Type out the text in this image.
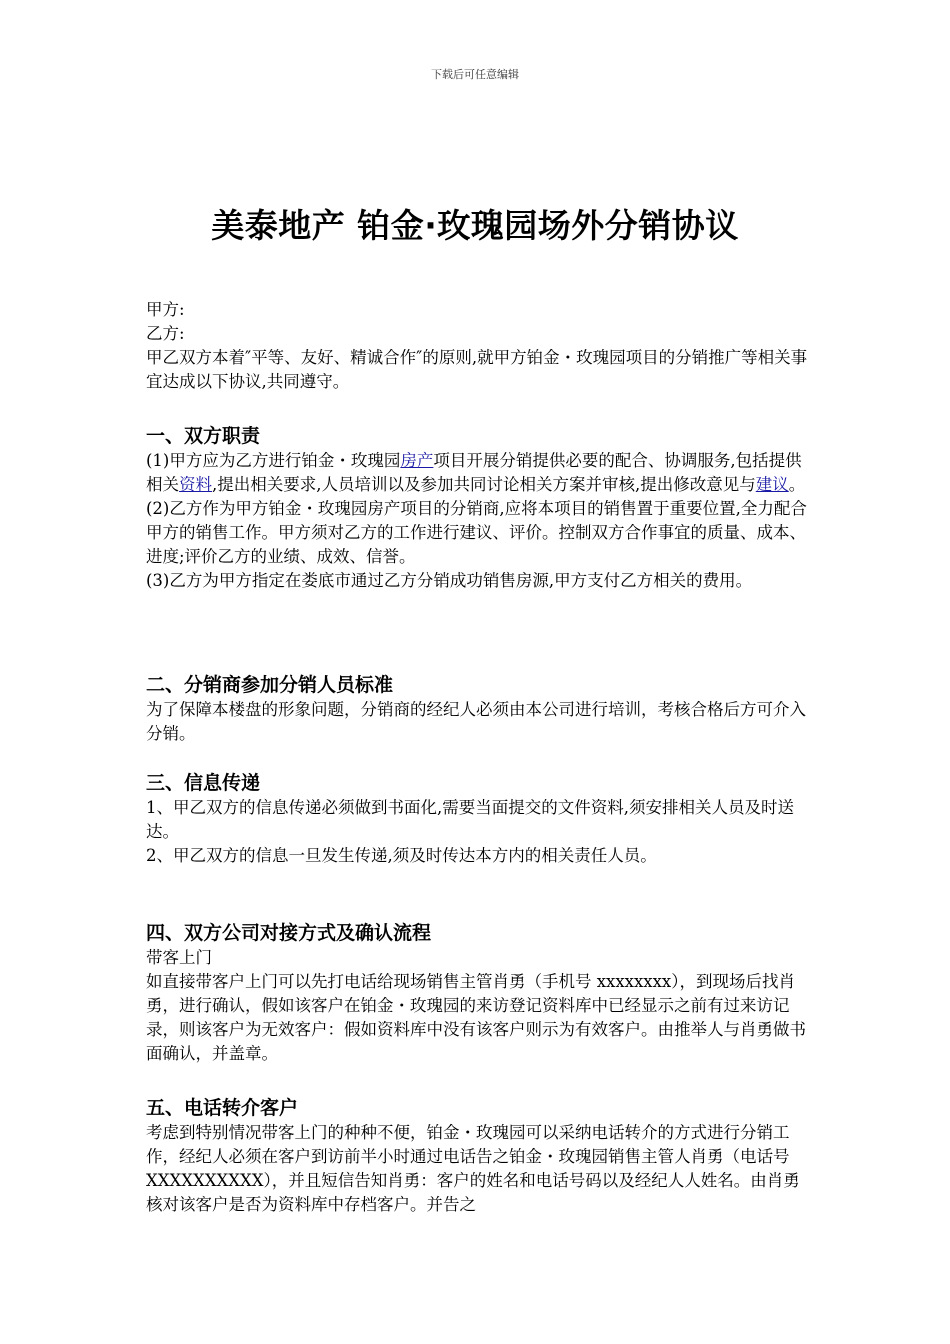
下载后可任意编辑
美泰地产 铂金·玫瑰园场外分销协议

甲方:

乙方:

甲乙双方本着″平等、友好、精诚合作″的原则,就甲方铂金・玫瑰园项目的分销推广等相关事宜达成以下协议,共同遵守。

一、双方职责

(1)甲方应为乙方进行铂金・玫瑰园房产项目开展分销提供必要的配合、协调服务,包括提供相关资料,提出相关要求,人员培训以及参加共同讨论相关方案并审核,提出修改意见与建议。

(2)乙方作为甲方铂金・玫瑰园房产项目的分销商,应将本项目的销售置于重要位置,全力配合甲方的销售工作。甲方须对乙方的工作进行建议、评价。控制双方合作事宜的质量、成本、进度;评价乙方的业绩、成效、信誉。

(3)乙方为甲方指定在娄底市通过乙方分销成功销售房源,甲方支付乙方相关的费用。

二、分销商参加分销人员标准

为了保障本楼盘的形象问题，分销商的经纪人必须由本公司进行培训，考核合格后方可介入分销。

三、信息传递

1、甲乙双方的信息传递必须做到书面化,需要当面提交的文件资料,须安排相关人员及时送达。

2、甲乙双方的信息一旦发生传递,须及时传达本方内的相关责任人员。

四、双方公司对接方式及确认流程

带客上门

如直接带客户上门可以先打电话给现场销售主管肖勇（手机号 xxxxxxxx），到现场后找肖勇，进行确认，假如该客户在铂金・玫瑰园的来访登记资料库中已经显示之前有过来访记录，则该客户为无效客户：假如资料库中没有该客户则示为有效客户。由推举人与肖勇做书面确认，并盖章。

五、电话转介客户

考虑到特别情况带客上门的种种不便，铂金・玫瑰园可以采纳电话转介的方式进行分销工作，经纪人必须在客户到访前半小时通过电话告之铂金・玫瑰园销售主管人肖勇（电话号 XXXXXXXXXX），并且短信告知肖勇：客户的姓名和电话号码以及经纪人人姓名。由肖勇核对该客户是否为资料库中存档客户。并告之
